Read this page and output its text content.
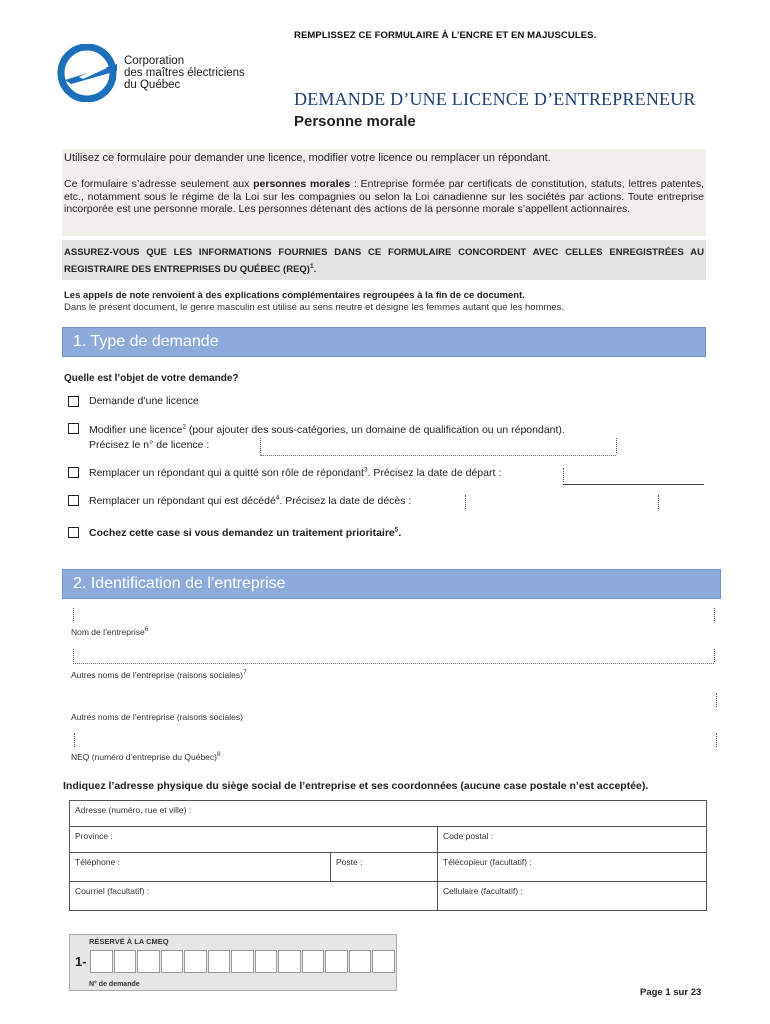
REMPLISSEZ CE FORMULAIRE À L’ENCRE ET EN MAJUSCULES.
Corporation
des maîtres électriciens
du Québec
DEMANDE D’UNE LICENCE D’ENTREPRENEUR
Personne morale
Utilisez ce formulaire pour demander une licence, modifier votre licence ou remplacer un répondant.
Ce formulaire s’adresse seulement aux personnes morales : Entreprise formée par certificats de constitution, statuts, lettres patentes, etc., notamment sous le régime de la Loi sur les compagnies ou selon la Loi canadienne sur les sociétés par actions. Toute entreprise incorporée est une personne morale. Les personnes détenant des actions de la personne morale s’appellent actionnaires.
ASSUREZ-VOUS QUE LES INFORMATIONS FOURNIES DANS CE FORMULAIRE CONCORDENT AVEC CELLES ENREGISTRÉES AU REGISTRAIRE DES ENTREPRISES DU QUÉBEC (REQ)$^1$.
Les appels de note renvoient à des explications complémentaires regroupées à la fin de ce document.
Dans le présent document, le genre masculin est utilisé au sens neutre et désigne les femmes autant que les hommes.
1. Type de demande
Quelle est l’objet de votre demande?
Demande d’une licence
Modifier une licence$^2$ (pour ajouter des sous-catégories, un domaine de qualification ou un répondant).
Précisez le n° de licence :
Remplacer un répondant qui a quitté son rôle de répondant$^3$. Précisez la date de départ :
Remplacer un répondant qui est décédé$^4$. Précisez la date de décès :
Cochez cette case si vous demandez un traitement prioritaire$^5$.
2. Identification de l’entreprise
Nom de l’entreprise$^6$
Autres noms de l’entreprise (raisons sociales)$^7$
Autres noms de l’entreprise (raisons sociales)
NEQ (numéro d’entreprise du Québec)$^8$
Indiquez l’adresse physique du siège social de l’entreprise et ses coordonnées (aucune case postale n’est acceptée).
Adresse (numéro, rue et ville) :		
Province :		Code postal :
Téléphone :	Poste :	Télécopieur (facultatif) :
Courriel (facultatif) :		Cellulaire (facultatif) :
RÉSERVÉ À LA CMEQ
1-
N° de demande
Page 1 sur 23
